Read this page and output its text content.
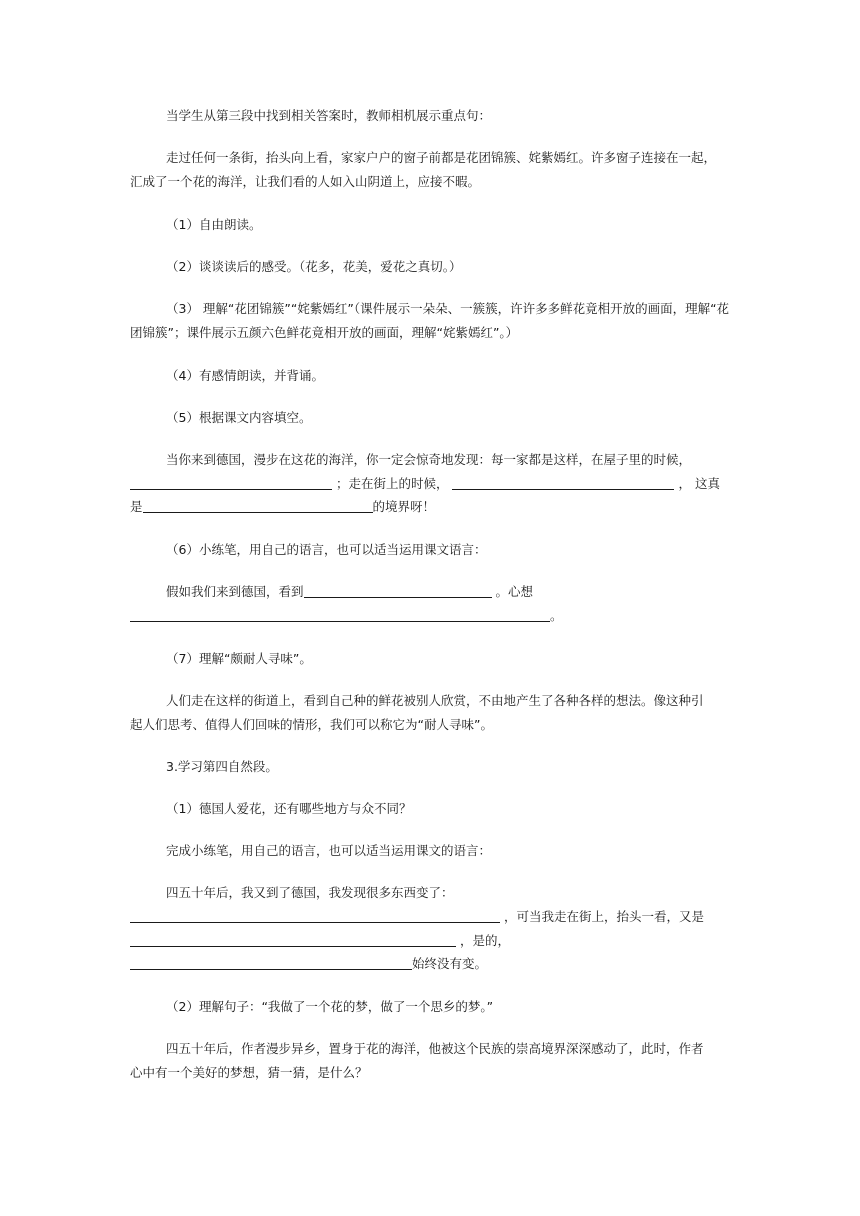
当学生从第三段中找到相关答案时，教师相机展示重点句：
走过任何一条街，抬头向上看，家家户户的窗子前都是花团锦簇、姹紫嫣红。许多窗子连接在一起，
汇成了一个花的海洋，让我们看的人如入山阴道上，应接不暇。
（1）自由朗读。
（2）谈谈读后的感受。（花多，花美，爱花之真切。）
（3） 理解“花团锦簇”“姹紫嫣红”（课件展示一朵朵、一簇簇，许许多多鲜花竟相开放的画面，理解“花
团锦簇”；课件展示五颜六色鲜花竟相开放的画面，理解“姹紫嫣红”。）
（4）有感情朗读，并背诵。
（5）根据课文内容填空。
当你来到德国，漫步在这花的海洋，你一定会惊奇地发现：每一家都是这样，在屋子里的时候，
；走在街上的时候，	， 这真
是	的境界呀！
（6）小练笔，用自己的语言，也可以适当运用课文语言：
假如我们来到德国，看到	。心想
。
（7）理解“颇耐人寻味”。
人们走在这样的街道上，看到自己种的鲜花被别人欣赏，不由地产生了各种各样的想法。像这种引
起人们思考、值得人们回味的情形，我们可以称它为“耐人寻味”。
3.学习第四自然段。
（1）德国人爱花，还有哪些地方与众不同？
完成小练笔，用自己的语言，也可以适当运用课文的语言：
四五十年后，我又到了德国，我发现很多东西变了：
，可当我走在街上，抬头一看，又是
，是的，
始终没有变。
（2）理解句子：“我做了一个花的梦，做了一个思乡的梦。”
四五十年后，作者漫步异乡，置身于花的海洋，他被这个民族的崇高境界深深感动了，此时，作者
心中有一个美好的梦想，猜一猜，是什么？
